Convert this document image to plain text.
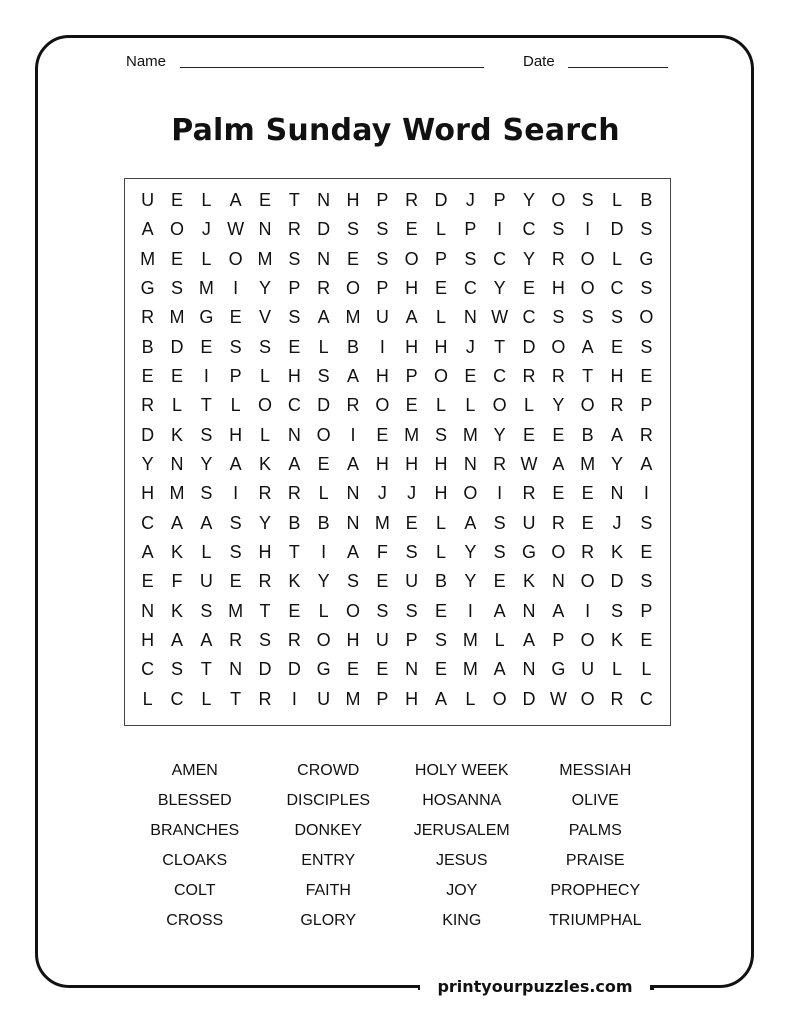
Name	Date
Palm Sunday Word Search
U E	L	A E T N H P R D	J	P Y O S	L	B
A O J W N R D S S E	L	P	I	C S	I	D S
M E	L O M S N E S O P S C Y R O L G
G S M	I	Y P R O P H E C Y E H O C S
R M G E V S A M U A	L N W C S S S O
B D E S S E	L	B	I	H H	J	T D O A E S
E E	I	P	L H S A H P O E C R R T H E
R L	T	L O C D R O E	L	L O L	Y O R P
D K S H L N O	I	E M S M Y E E B A R
Y N Y A K A E A H H H N R W A M Y A
H M S	I	R R L N	J	J	H O	I	R E E N	I
C A A S Y B B N M E	L	A S U R E	J	S
A K	L	S H T	I	A F S	L	Y S G O R K E
E F U E R K Y S E U B Y E K N O D S
N K S M T E	L O S S E	I	A N A	I	S P
H A A R S R O H U P S M L	A P O K E
C S T N D D G E E N E M A N G U L	L
L C L	T R	I	U M P H A	L O D W O R C
AMEN	CROWD	HOLY WEEK	MESSIAH
BLESSED	DISCIPLES	HOSANNA	OLIVE
BRANCHES	DONKEY	JERUSALEM	PALMS
CLOAKS	ENTRY	JESUS	PRAISE
COLT	FAITH	JOY	PROPHECY
CROSS	GLORY	KING	TRIUMPHAL
printyourpuzzles.com
